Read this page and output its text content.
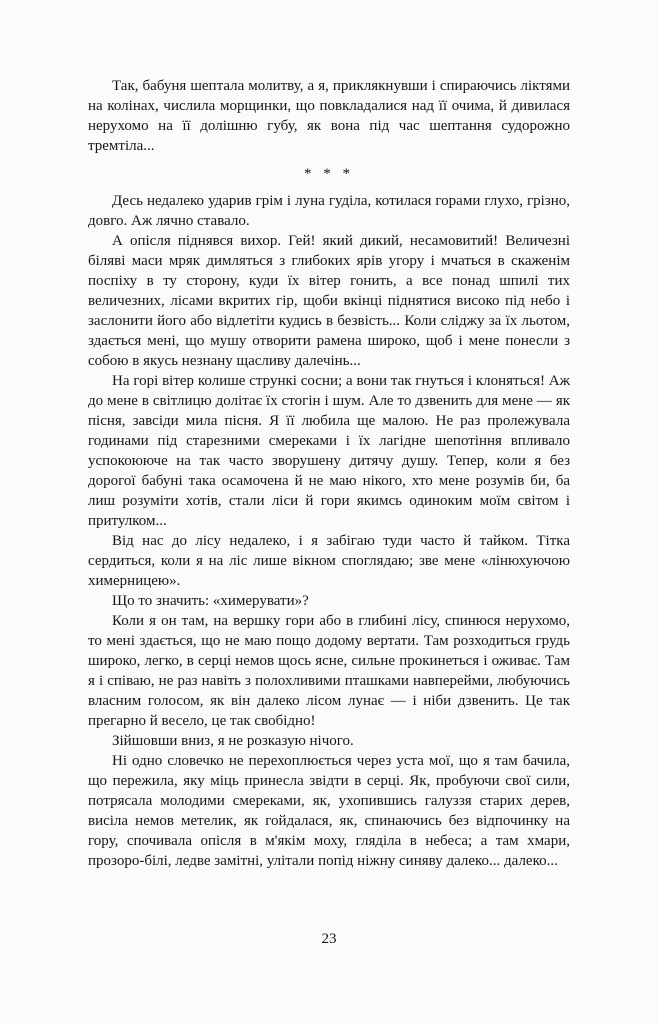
Так, бабуня шептала молитву, а я, приклякнувши і спираючись ліктями на колінах, числила морщинки, що повкладалися над її очима, й дивилася нерухомо на її долішню губу, як вона під час шептання судорожно тремтіла...

* * *

Десь недалеко ударив грім і луна гуділа, котилася горами глухо, грізно, довго. Аж лячно ставало.

А опісля піднявся вихор. Гей! який дикий, несамовитий! Величезні біляві маси мряк димляться з глибоких ярів угору і мчаться в скаженім поспіху в ту сторону, куди їх вітер гонить, а все понад шпилі тих величезних, лісами вкритих гір, щоби вкінці піднятися високо під небо і заслонити його або відлетіти кудись в безвість... Коли сліджу за їх льотом, здається мені, що мушу отворити рамена широко, щоб і мене понесли з собою в якусь незнану щасливу далечінь...

На горі вітер колише стрункі сосни; а вони так гнуться і клоняться! Аж до мене в світлицю долітає їх стогін і шум. Але то дзвенить для мене — як пісня, завсіди мила пісня. Я її любила ще малою. Не раз пролежувала годинами під старезними смереками і їх лагідне шепотіння впливало успокоююче на так часто зворушену дитячу душу. Тепер, коли я без дорогої бабуні така осамочена й не маю нікого, хто мене розумів би, ба лиш розуміти хотів, стали ліси й гори якимсь одиноким моїм світом і притулком...

Від нас до лісу недалеко, і я забігаю туди часто й тайком. Тітка сердиться, коли я на ліс лише вікном споглядаю; зве мене «лінюхуючою химерницею».

Що то значить: «химерувати»?

Коли я он там, на вершку гори або в глибині лісу, спинюся нерухомо, то мені здається, що не маю пощо додому вертати. Там розходиться грудь широко, легко, в серці немов щось ясне, сильне прокинеться і оживає. Там я і співаю, не раз навіть з полохливими пташками навперейми, любуючись власним голосом, як він далеко лісом лунає — і ніби дзвенить. Це так прегарно й весело, це так свобідно!

Зійшовши вниз, я не розказую нічого.

Ні одно словечко не перехоплюється через уста мої, що я там бачила, що пережила, яку міць принесла звідти в серці. Як, пробуючи свої сили, потрясала молодими смереками, як, ухопившись галуззя старих дерев, висіла немов метелик, як гойдалася, як, спинаючись без відпочинку на гору, спочивала опісля в м'якім моху, гляділа в небеса; а там хмари, прозоро-білі, ледве замітні, улітали попід ніжну синяву далеко... далеко...

23
